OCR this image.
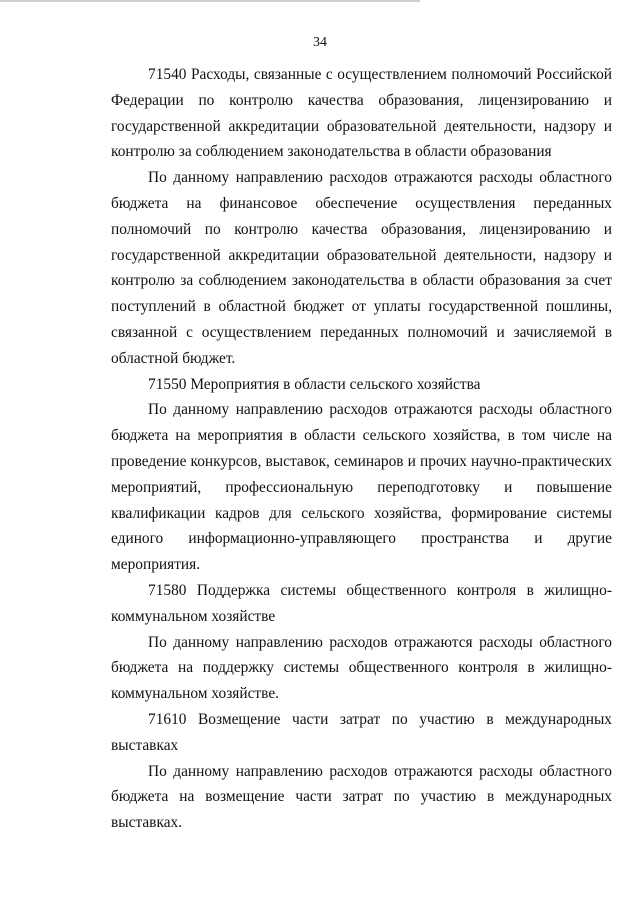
34

71540 Расходы, связанные с осуществлением полномочий Российской Федерации по контролю качества образования, лицензированию и государственной аккредитации образовательной деятельности, надзору и контролю за соблюдением законодательства в области образования

По данному направлению расходов отражаются расходы областного бюджета на финансовое обеспечение осуществления переданных полномочий по контролю качества образования, лицензированию и государственной аккредитации образовательной деятельности, надзору и контролю за соблюдением законодательства в области образования за счет поступлений в областной бюджет от уплаты государственной пошлины, связанной с осуществлением переданных полномочий и зачисляемой в областной бюджет.

71550 Мероприятия в области сельского хозяйства

По данному направлению расходов отражаются расходы областного бюджета на мероприятия в области сельского хозяйства, в том числе на проведение конкурсов, выставок, семинаров и прочих научно-практических мероприятий, профессиональную переподготовку и повышение квалификации кадров для сельского хозяйства, формирование системы единого информационно-управляющего пространства и другие мероприятия.

71580 Поддержка системы общественного контроля в жилищно-коммунальном хозяйстве

По данному направлению расходов отражаются расходы областного бюджета на поддержку системы общественного контроля в жилищно-коммунальном хозяйстве.

71610 Возмещение части затрат по участию в международных выставках

По данному направлению расходов отражаются расходы областного бюджета на возмещение части затрат по участию в международных выставках.
